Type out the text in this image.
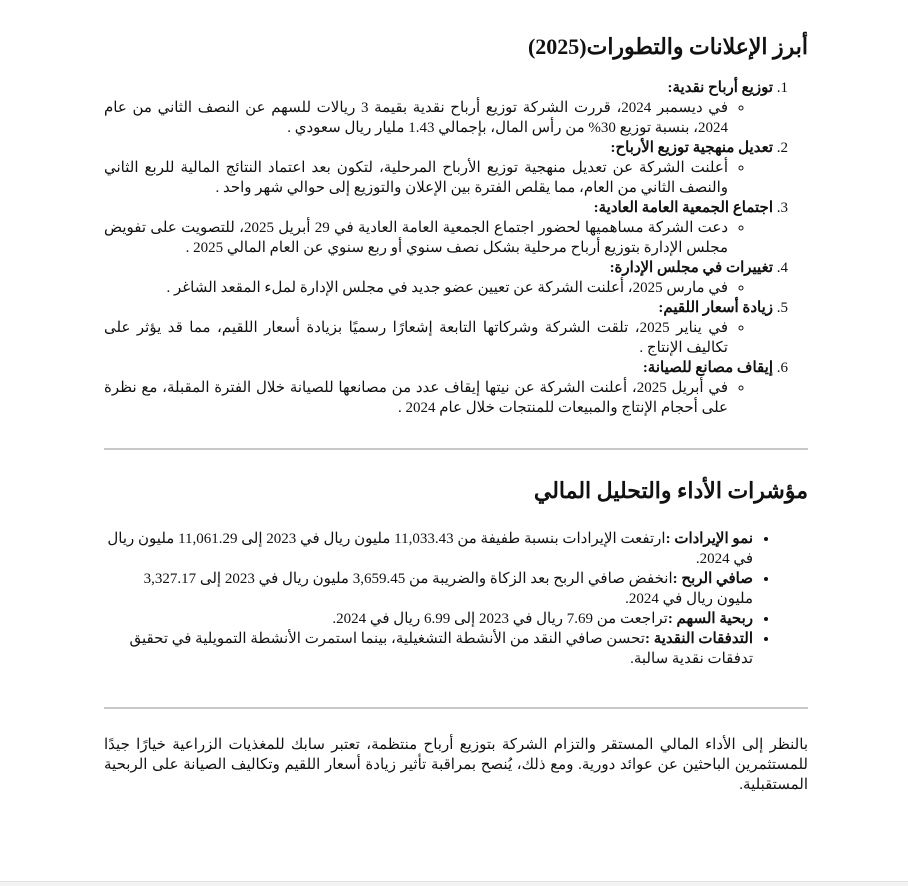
أبرز الإعلانات والتطورات(2025)
1. توزيع أرباح نقدية:
◦ في ديسمبر 2024، قررت الشركة توزيع أرباح نقدية بقيمة 3 ريالات للسهم عن النصف الثاني من عام 2024، بنسبة توزيع 30% من رأس المال، بإجمالي 1.43 مليار ريال سعودي .
2. تعديل منهجية توزيع الأرباح:
◦ أعلنت الشركة عن تعديل منهجية توزيع الأرباح المرحلية، لتكون بعد اعتماد النتائج المالية للربع الثاني والنصف الثاني من العام، مما يقلص الفترة بين الإعلان والتوزيع إلى حوالي شهر واحد .
3. اجتماع الجمعية العامة العادية:
◦ دعت الشركة مساهميها لحضور اجتماع الجمعية العامة العادية في 29 أبريل 2025، للتصويت على تفويض مجلس الإدارة بتوزيع أرباح مرحلية بشكل نصف سنوي أو ربع سنوي عن العام المالي 2025 .
4. تغييرات في مجلس الإدارة:
◦ في مارس 2025، أعلنت الشركة عن تعيين عضو جديد في مجلس الإدارة لملء المقعد الشاغر .
5. زيادة أسعار اللقيم:
◦ في يناير 2025، تلقت الشركة وشركاتها التابعة إشعارًا رسميًا بزيادة أسعار اللقيم، مما قد يؤثر على تكاليف الإنتاج .
6. إيقاف مصانع للصيانة:
◦ في أبريل 2025، أعلنت الشركة عن نيتها إيقاف عدد من مصانعها للصيانة خلال الفترة المقبلة، مع نظرة على أحجام الإنتاج والمبيعات للمنتجات خلال عام 2024 .
مؤشرات الأداء والتحليل المالي
• نمو الإيرادات :ارتفعت الإيرادات بنسبة طفيفة من 11,033.43 مليون ريال في 2023 إلى 11,061.29 مليون ريال في 2024.
• صافي الربح :انخفض صافي الربح بعد الزكاة والضريبة من 3,659.45 مليون ريال في 2023 إلى 3,327.17 مليون ريال في 2024.
• ربحية السهم :تراجعت من 7.69 ريال في 2023 إلى 6.99 ريال في 2024.
• التدفقات النقدية :تحسن صافي النقد من الأنشطة التشغيلية، بينما استمرت الأنشطة التمويلية في تحقيق تدفقات نقدية سالبة.

بالنظر إلى الأداء المالي المستقر والتزام الشركة بتوزيع أرباح منتظمة، تعتبر سابك للمغذيات الزراعية خيارًا جيدًا للمستثمرين الباحثين عن عوائد دورية. ومع ذلك، يُنصح بمراقبة تأثير زيادة أسعار اللقيم وتكاليف الصيانة على الربحية المستقبلية.
